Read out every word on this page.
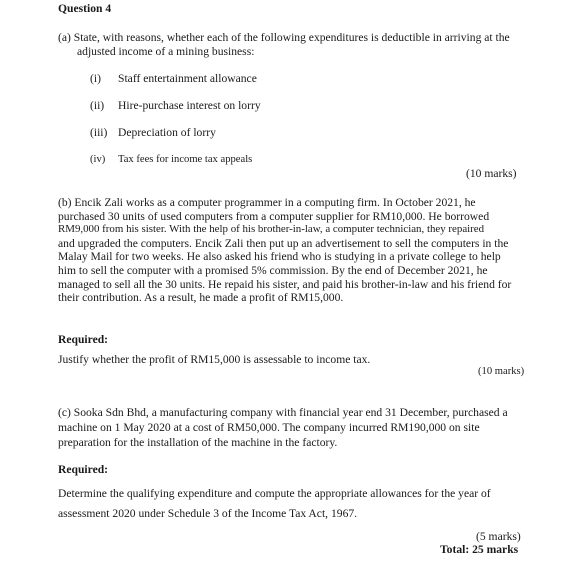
Question 4
(a) State, with reasons, whether each of the following expenditures is deductible in arriving at the
adjusted income of a mining business:
(i) Staff entertainment allowance
(ii) Hire-purchase interest on lorry
(iii) Depreciation of lorry
(iv) Tax fees for income tax appeals
(10 marks)
(b) Encik Zali works as a computer programmer in a computing firm. In October 2021, he
purchased 30 units of used computers from a computer supplier for RM10,000. He borrowed
RM9,000 from his sister. With the help of his brother-in-law, a computer technician, they repaired
and upgraded the computers. Encik Zali then put up an advertisement to sell the computers in the
Malay Mail for two weeks. He also asked his friend who is studying in a private college to help
him to sell the computer with a promised 5% commission. By the end of December 2021, he
managed to sell all the 30 units. He repaid his sister, and paid his brother-in-law and his friend for
their contribution. As a result, he made a profit of RM15,000.
Required:
Justify whether the profit of RM15,000 is assessable to income tax.
(10 marks)
(c) Sooka Sdn Bhd, a manufacturing company with financial year end 31 December, purchased a
machine on 1 May 2020 at a cost of RM50,000. The company incurred RM190,000 on site
preparation for the installation of the machine in the factory.
Required:
Determine the qualifying expenditure and compute the appropriate allowances for the year of
assessment 2020 under Schedule 3 of the Income Tax Act, 1967.
(5 marks)
Total: 25 marks
